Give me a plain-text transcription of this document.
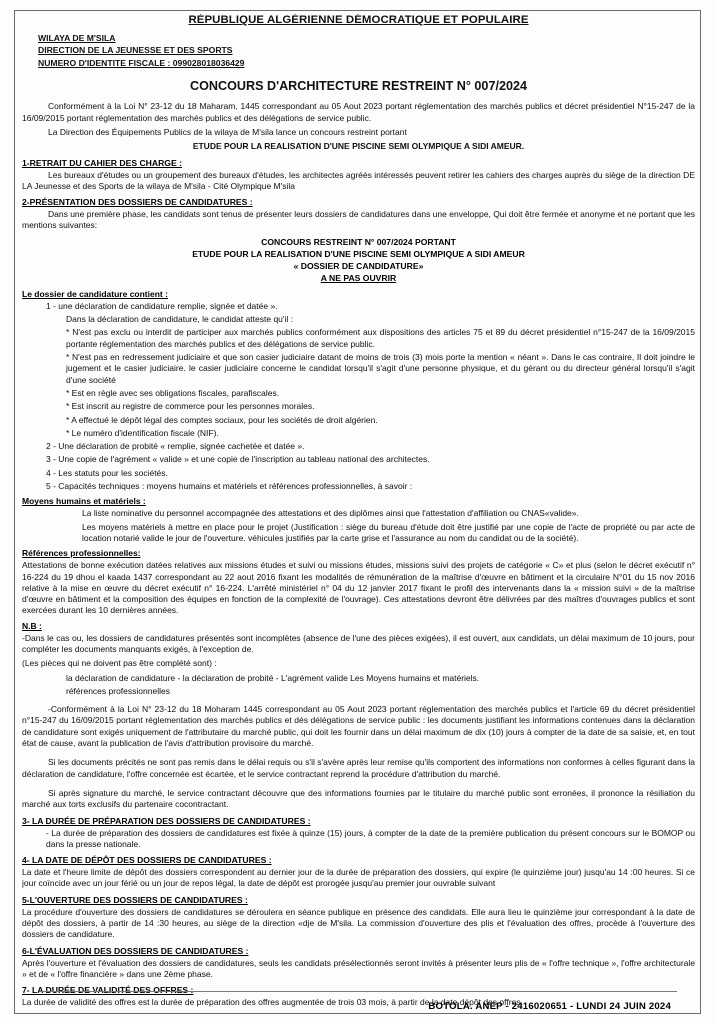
RÉPUBLIQUE ALGÉRIENNE DÉMOCRATIQUE ET POPULAIRE
WILAYA DE M'SILA
DIRECTION DE LA JEUNESSE ET DES SPORTS
NUMERO D'IDENTITE FISCALE : 099028018036429
CONCOURS D'ARCHITECTURE RESTREINT N° 007/2024

Conformément à la Loi N° 23-12 du 18 Maharam, 1445 correspondant au 05 Aout 2023 portant réglementation des marchés publics et décret présidentiel N°15-247 de la 16/09/2015 portant réglementation des marchés publics et des délégations de service public.

La Direction des Équipements Publics de la wilaya de M'sila lance un concours restreint portant

ETUDE POUR LA REALISATION D'UNE PISCINE SEMI OLYMPIQUE A SIDI AMEUR.

1-RETRAIT DU CAHIER DES CHARGE :

Les bureaux d'études ou un groupement des bureaux d'études, les architectes agréés intéressés peuvent retirer les cahiers des charges auprès du siège de la direction DE LA Jeunesse et des Sports de la wilaya de M'sila - Cité Olympique M'sila

2-PRÉSENTATION DES DOSSIERS DE CANDIDATURES :

Dans une première phase, les candidats sont tenus de présenter leurs dossiers de candidatures dans une enveloppe, Qui doit être fermée et anonyme et ne portant que les mentions suivantes:

CONCOURS RESTREINT N° 007/2024 PORTANT
ETUDE POUR LA REALISATION D'UNE PISCINE SEMI OLYMPIQUE A SIDI AMEUR
« DOSSIER DE CANDIDATURE»
A NE PAS OUVRIR
Le dossier de candidature contient :

1 - une déclaration de candidature remplie, signée et datée ».

Dans la déclaration de candidature, le candidat atteste qu'il :

* N'est pas exclu ou interdit de participer aux marchés publics conformément aux dispositions des articles 75 et 89 du décret présidentiel n°15-247 de la 16/09/2015 portante réglementation des marchés publics et des délégations de service public.

* N'est pas en redressement judiciaire et que son casier judiciaire datant de moins de trois (3) mois porte la mention « néant ». Dans le cas contraire, Il doit joindre le jugement et le casier judiciaire. le casier judiciaire concerne le candidat lorsqu'il s'agit d'une personne physique, et du gérant ou du directeur général lorsqu'il s'agit d'une société

* Est en règle avec ses obligations fiscales, parafiscales.

* Est inscrit au registre de commerce pour les personnes morales.

* A effectué le dépôt légal des comptes sociaux, pour les sociétés de droit algérien.

* Le numéro d'identification fiscale (NIF).

2 - Une déclaration de probité « remplie, signée cachetée et datée ».

3 - Une copie de l'agrément « valide » et une copie de l'inscription au tableau national des architectes.

4 - Les statuts pour les sociétés.

5 - Capacités techniques : moyens humains et matériels et références professionnelles, à savoir :

Moyens humains et matériels :

La liste nominative du personnel accompagnée des attestations et des diplômes ainsi que l'attestation d'affiliation ou CNAS«valide».

Les moyens matériels à mettre en place pour le projet (Justification : siège du bureau d'étude doit être justifié par une copie de l'acte de propriété ou par acte de location notarié valide le jour de l'ouverture. véhicules justifiés par la carte grise et l'assurance au nom du candidat ou de la société).

Références professionnelles:

Attestations de bonne exécution datées relatives aux missions études et suivi ou missions études, missions suivi des projets de catégorie « C» et plus (selon le décret exécutif n° 16-224 du 19 dhou el kaada 1437 correspondant au 22 aout 2016 fixant les modalités de rémunération de la maîtrise d'œuvre en bâtiment et la circulaire N°01 du 15 nov 2016 relative à la mise en œuvre du décret exécutif n° 16-224. L'arrêté ministériel n° 04 du 12 janvier 2017 fixant le profil des intervenants dans la « mission suivi » de la maîtrise d'œuvre en bâtiment et la composition des équipes en fonction de la complexité de l'ouvrage). Ces attestations devront être délivrées par des maîtres d'ouvrages publics et sont exercées durant les 10 dernières années.

N.B :

-Dans le cas ou, les dossiers de candidatures présentés sont incomplètes (absence de l'une des pièces exigées), il est ouvert, aux candidats, un délai maximum de 10 jours, pour compléter les documents manquants exigés, à l'exception de.

(Les pièces qui ne doivent pas être complété sont) :

la déclaration de candidature - la déclaration de probité - L'agrément valide Les Moyens humains et matériels.

références professionnelles

-Conformément à la Loi N° 23-12 du 18 Moharam 1445 correspondant au 05 Aout 2023 portant réglementation des marchés publics et l'article 69 du décret présidentiel n°15-247 du 16/09/2015 portant réglementation des marchés publics et dés délégations de service public : les documents justifiant les informations contenues dans la déclaration de candidature sont exigés uniquement de l'attributaire du marché public, qui doit les fournir dans un délai maximum de dix (10) jours à compter de la date de sa saisie, et, en tout état de cause, avant la publication de l'avis d'attribution provisoire du marché.

Si les documents précités ne sont pas remis dans le délai requis ou s'il s'avère après leur remise qu'ils comportent des informations non conformes à celles figurant dans la déclaration de candidature, l'offre concernée est écartée, et le service contractant reprend la procédure d'attribution du marché.

Si après signature du marché, le service contractant découvre que des informations fournies par le titulaire du marché public sont erronées, il prononce la résiliation du marché aux torts exclusifs du partenaire cocontractant.

3- LA DURÉE DE PRÉPARATION DES DOSSIERS DE CANDIDATURES :

- La durée de préparation des dossiers de candidatures est fixée à quinze (15) jours, à compter de la date de la première publication du présent concours sur le BOMOP ou dans la presse nationale.

4- LA DATE DE DÉPÔT DES DOSSIERS DE CANDIDATURES :

La date et l'heure limite de dépôt des dossiers correspondent au dernier jour de la durée de préparation des dossiers, qui expire (le quinzième jour) jusqu'au 14 :00 heures. Si ce jour coïncide avec un jour férié ou un jour de repos légal, la date de dépôt est prorogée jusqu'au premier jour ouvrable suivant

5-L'OUVERTURE DES DOSSIERS DE CANDIDATURES :

La procédure d'ouverture des dossiers de candidatures se déroulera en séance publique en présence des candidats. Elle aura lieu le quinzième jour correspondant à la date de dépôt des dossiers, à partir de 14 :30 heures, au siège de la direction «dje de M'sila. La commission d'ouverture des plis et l'évaluation des offres, procède à l'ouverture des dossiers de candidature.

6-L'ÉVALUATION DES DOSSIERS DE CANDIDATURES :

Après l'ouverture et l'évaluation des dossiers de candidatures, seuls les candidats présélectionnés seront invités à présenter leurs plis de « l'offre technique », l'offre architecturale » et de « l'offre financière » dans une 2ème phase.

7- LA DURÉE DE VALIDITÉ DES OFFRES :

La durée de validité des offres est la durée de préparation des offres augmentée de trois 03 mois, à partir de la date dépôt des offres.

BOTOLA. ANEP - 2416020651 - LUNDI 24 JUIN 2024
